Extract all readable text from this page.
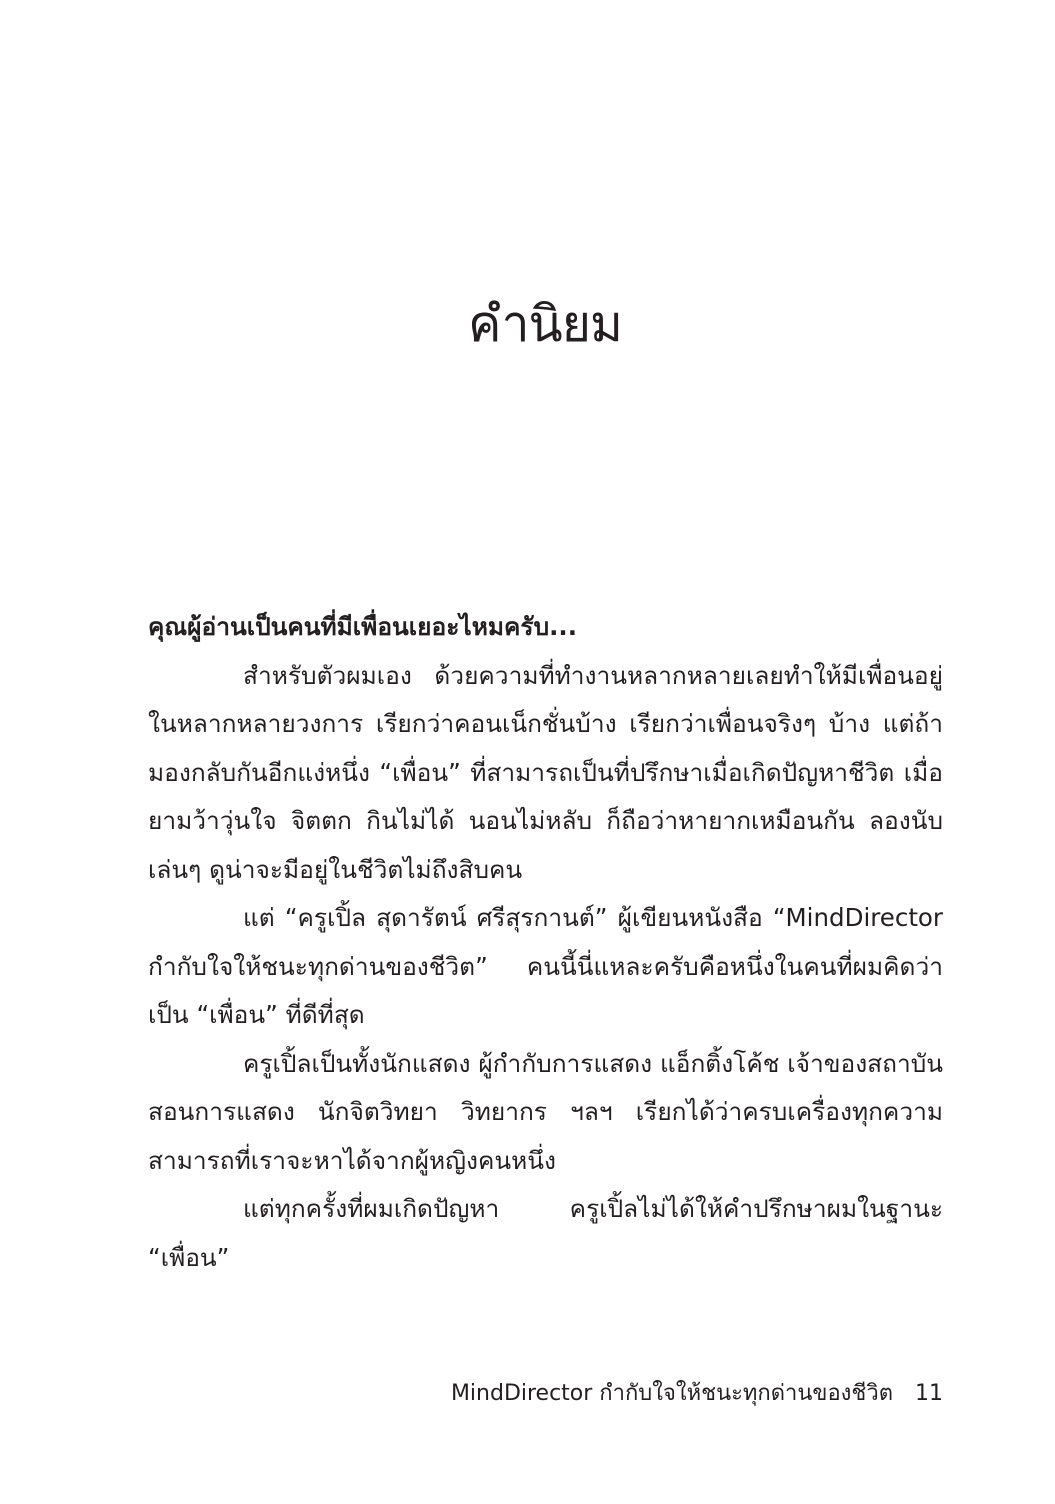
คำนิยม

คุณผู้อ่านเป็นคนที่มีเพื่อนเยอะไหมครับ...

สำหรับตัวผมเอง ด้วยความที่ทำงานหลากหลายเลยทำให้มีเพื่อนอยู่ในหลากหลายวงการ เรียกว่าคอนเน็กชั่นบ้าง เรียกว่าเพื่อนจริงๆ บ้าง แต่ถ้ามองกลับกันอีกแง่หนึ่ง “เพื่อน” ที่สามารถเป็นที่ปรึกษาเมื่อเกิดปัญหาชีวิต เมื่อยามว้าวุ่นใจ จิตตก กินไม่ได้ นอนไม่หลับ ก็ถือว่าหายากเหมือนกัน ลองนับเล่นๆ ดูน่าจะมีอยู่ในชีวิตไม่ถึงสิบคน

แต่ “ครูเปิ้ล สุดารัตน์ ศรีสุรกานต์” ผู้เขียนหนังสือ “MindDirector กำกับใจให้ชนะทุกด่านของชีวิต” คนนี้นี่แหละครับคือหนึ่งในคนที่ผมคิดว่าเป็น “เพื่อน” ที่ดีที่สุด

ครูเปิ้ลเป็นทั้งนักแสดง ผู้กำกับการแสดง แอ็กติ้งโค้ช เจ้าของสถาบันสอนการแสดง นักจิตวิทยา วิทยากร ฯลฯ เรียกได้ว่าครบเครื่องทุกความสามารถที่เราจะหาได้จากผู้หญิงคนหนึ่ง

แต่ทุกครั้งที่ผมเกิดปัญหา ครูเปิ้ลไม่ได้ให้คำปรึกษาผมในฐานะ “เพื่อน”

MindDirector กำกับใจให้ชนะทุกด่านของชีวิต 11
